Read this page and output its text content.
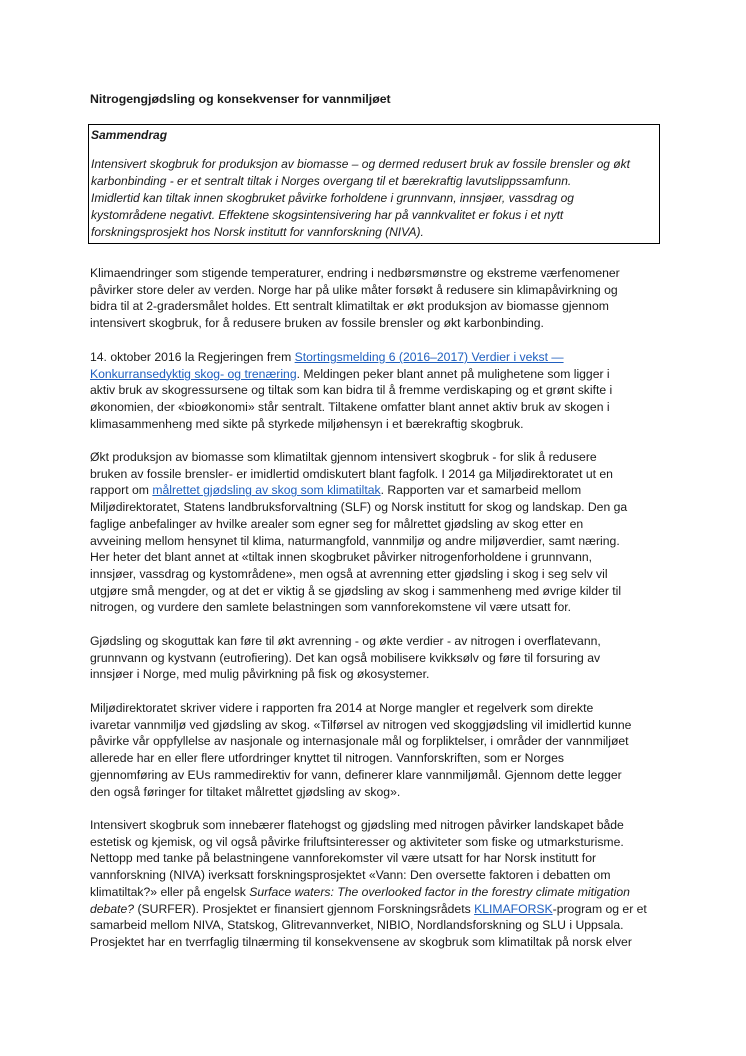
Nitrogengjødsling og konsekvenser for vannmiljøet
Sammendrag
Intensivert skogbruk for produksjon av biomasse – og dermed redusert bruk av fossile brensler og økt
karbonbinding - er et sentralt tiltak i Norges overgang til et bærekraftig lavutslippssamfunn.
Imidlertid kan tiltak innen skogbruket påvirke forholdene i grunnvann, innsjøer, vassdrag og
kystområdene negativt. Effektene skogsintensivering har på vannkvalitet er fokus i et nytt
forskningsprosjekt hos Norsk institutt for vannforskning (NIVA).
Klimaendringer som stigende temperaturer, endring i nedbørsmønstre og ekstreme værfenomener
påvirker store deler av verden. Norge har på ulike måter forsøkt å redusere sin klimapåvirkning og
bidra til at 2-gradersmålet holdes. Ett sentralt klimatiltak er økt produksjon av biomasse gjennom
intensivert skogbruk, for å redusere bruken av fossile brensler og økt karbonbinding.
14. oktober 2016 la Regjeringen frem Stortingsmelding 6 (2016–2017) Verdier i vekst —
Konkurransedyktig skog- og trenæring. Meldingen peker blant annet på mulighetene som ligger i
aktiv bruk av skogressursene og tiltak som kan bidra til å fremme verdiskaping og et grønt skifte i
økonomien, der «bioøkonomi» står sentralt. Tiltakene omfatter blant annet aktiv bruk av skogen i
klimasammenheng med sikte på styrkede miljøhensyn i et bærekraftig skogbruk.
Økt produksjon av biomasse som klimatiltak gjennom intensivert skogbruk - for slik å redusere
bruken av fossile brensler- er imidlertid omdiskutert blant fagfolk. I 2014 ga Miljødirektoratet ut en
rapport om målrettet gjødsling av skog som klimatiltak. Rapporten var et samarbeid mellom
Miljødirektoratet, Statens landbruksforvaltning (SLF) og Norsk institutt for skog og landskap. Den ga
faglige anbefalinger av hvilke arealer som egner seg for målrettet gjødsling av skog etter en
avveining mellom hensynet til klima, naturmangfold, vannmiljø og andre miljøverdier, samt næring.
Her heter det blant annet at «tiltak innen skogbruket påvirker nitrogenforholdene i grunnvann,
innsjøer, vassdrag og kystområdene», men også at avrenning etter gjødsling i skog i seg selv vil
utgjøre små mengder, og at det er viktig å se gjødsling av skog i sammenheng med øvrige kilder til
nitrogen, og vurdere den samlete belastningen som vannforekomstene vil være utsatt for.
Gjødsling og skoguttak kan føre til økt avrenning - og økte verdier - av nitrogen i overflatevann,
grunnvann og kystvann (eutrofiering). Det kan også mobilisere kvikksølv og føre til forsuring av
innsjøer i Norge, med mulig påvirkning på fisk og økosystemer.
Miljødirektoratet skriver videre i rapporten fra 2014 at Norge mangler et regelverk som direkte
ivaretar vannmiljø ved gjødsling av skog. «Tilførsel av nitrogen ved skoggjødsling vil imidlertid kunne
påvirke vår oppfyllelse av nasjonale og internasjonale mål og forpliktelser, i områder der vannmiljøet
allerede har en eller flere utfordringer knyttet til nitrogen. Vannforskriften, som er Norges
gjennomføring av EUs rammedirektiv for vann, definerer klare vannmiljømål. Gjennom dette legger
den også føringer for tiltaket målrettet gjødsling av skog».
Intensivert skogbruk som innebærer flatehogst og gjødsling med nitrogen påvirker landskapet både
estetisk og kjemisk, og vil også påvirke friluftsinteresser og aktiviteter som fiske og utmarksturisme.
Nettopp med tanke på belastningene vannforekomster vil være utsatt for har Norsk institutt for
vannforskning (NIVA) iverksatt forskningsprosjektet «Vann: Den oversette faktoren i debatten om
klimatiltak?» eller på engelsk Surface waters: The overlooked factor in the forestry climate mitigation
debate? (SURFER). Prosjektet er finansiert gjennom Forskningsrådets KLIMAFORSK-program og er et
samarbeid mellom NIVA, Statskog, Glitrevannverket, NIBIO, Nordlandsforskning og SLU i Uppsala.
Prosjektet har en tverrfaglig tilnærming til konsekvensene av skogbruk som klimatiltak på norsk elver
